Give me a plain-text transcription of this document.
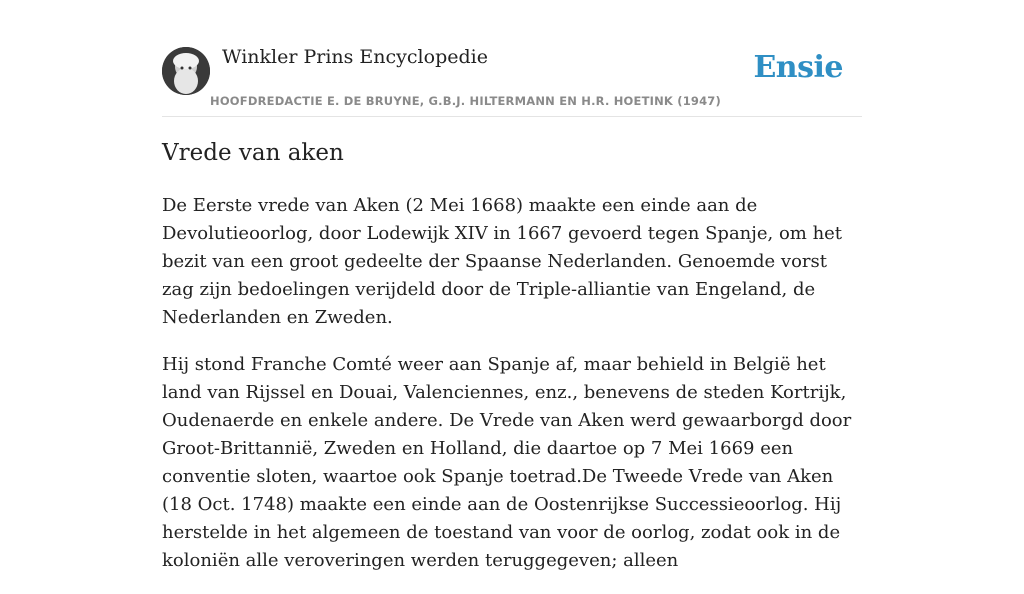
Winkler Prins Encyclopedie
HOOFDREDACTIE E. DE BRUYNE, G.B.J. HILTERMANN EN H.R. HOETINK (1947)
Ensie
Vrede van aken

De Eerste vrede van Aken (2 Mei 1668) maakte een einde aan de Devolutieoorlog, door Lodewijk XIV in 1667 gevoerd tegen Spanje, om het bezit van een groot gedeelte der Spaanse Nederlanden. Genoemde vorst zag zijn bedoelingen verijdeld door de Triple-alliantie van Engeland, de Nederlanden en Zweden.

Hij stond Franche Comté weer aan Spanje af, maar behield in België het land van Rijssel en Douai, Valenciennes, enz., benevens de steden Kortrijk, Oudenaerde en enkele andere. De Vrede van Aken werd gewaarborgd door Groot-Brittannië, Zweden en Holland, die daartoe op 7 Mei 1669 een conventie sloten, waartoe ook Spanje toetrad.De Tweede Vrede van Aken (18 Oct. 1748) maakte een einde aan de Oostenrijkse Successieoorlog. Hij herstelde in het algemeen de toestand van voor de oorlog, zodat ook in de koloniën alle veroveringen werden teruggegeven; alleen
